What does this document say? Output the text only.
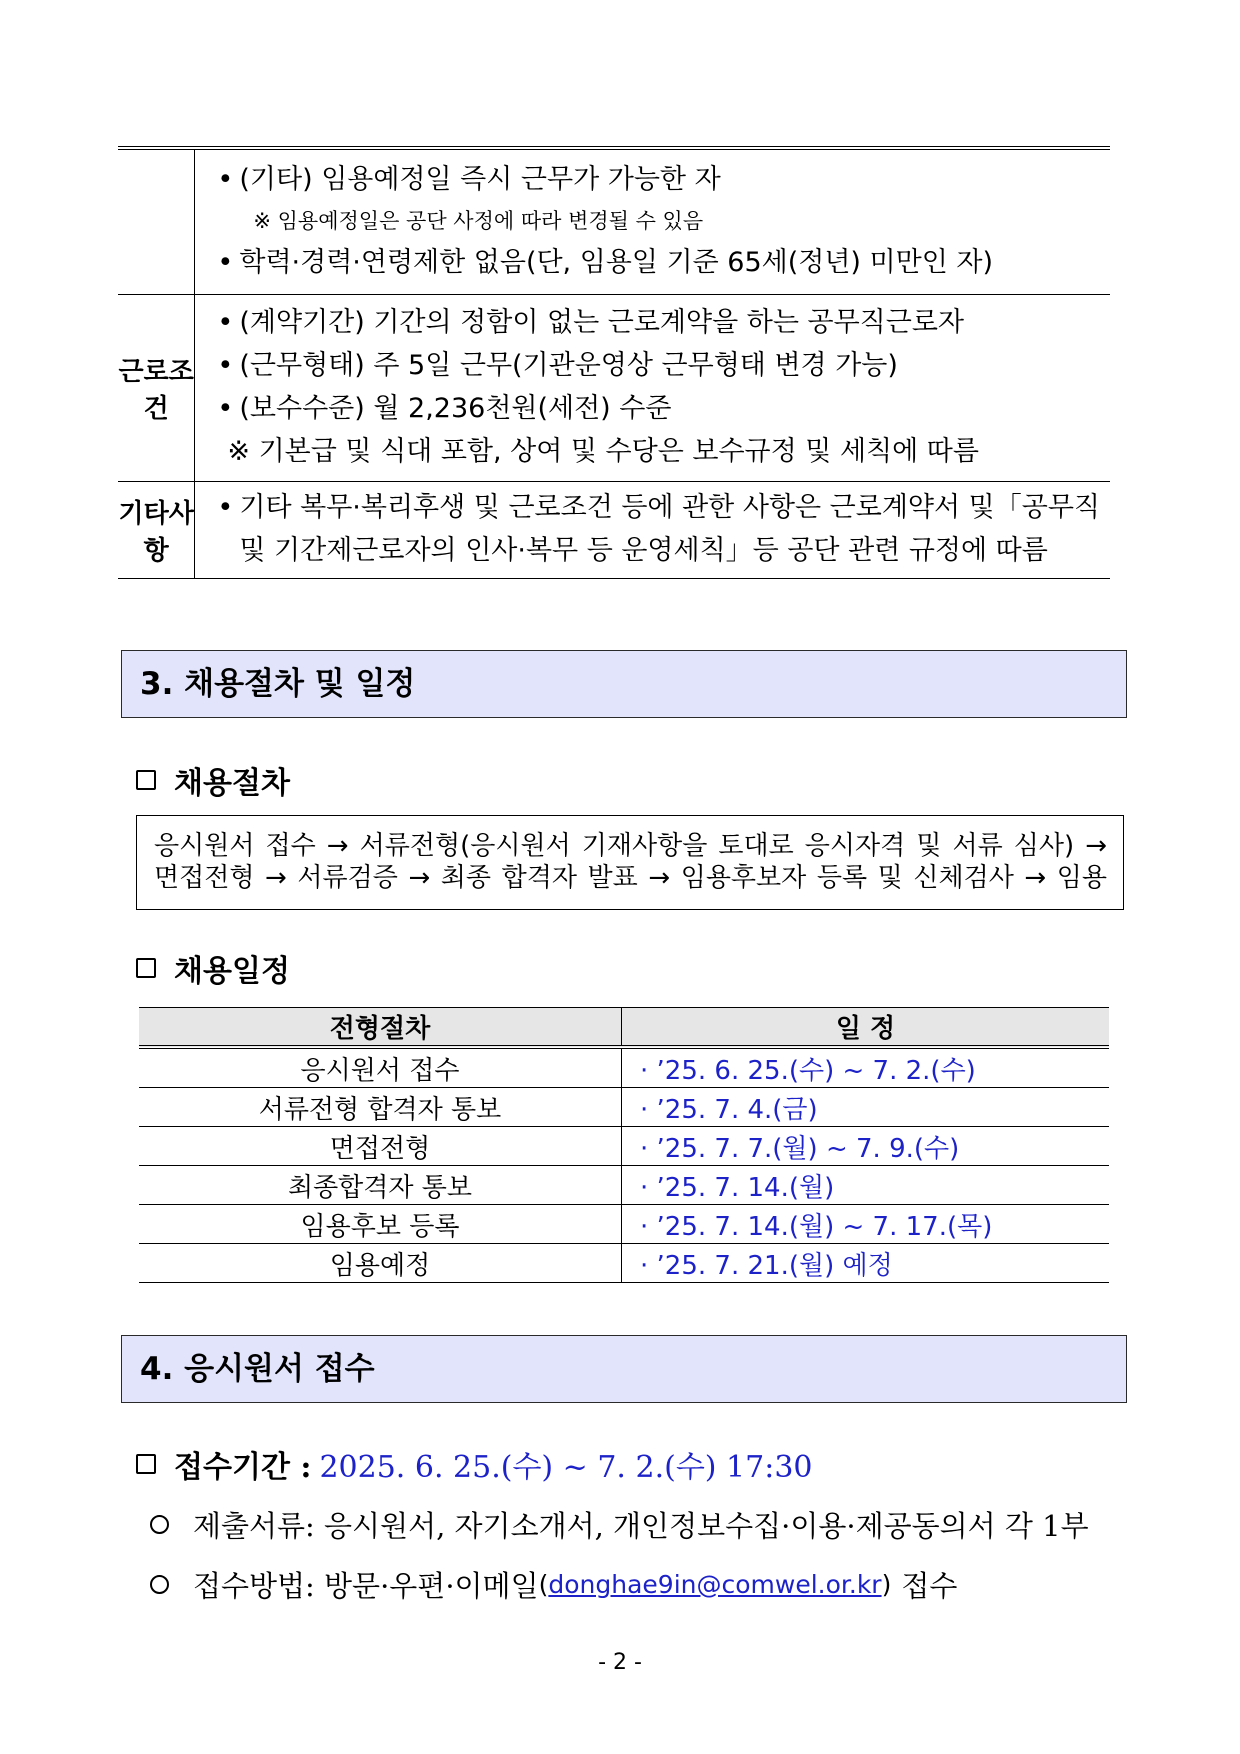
	• (기타) 임용예정일 즉시 근무가 가능한 자
※ 임용예정일은 공단 사정에 따라 변경될 수 있음
• 학력·경력·연령제한 없음(단, 임용일 기준 65세(정년) 미만인 자)

근로조건	• (계약기간) 기간의 정함이 없는 근로계약을 하는 공무직근로자
• (근무형태) 주 5일 근무(기관운영상 근무형태 변경 가능)
• (보수수준) 월 2,236천원(세전) 수준
※ 기본급 및 식대 포함, 상여 및 수당은 보수규정 및 세칙에 따름

기타사항	• 기타 복무·복리후생 및 근로조건 등에 관한 사항은 근로계약서 및「공무직
및 기간제근로자의 인사·복무 등 운영세칙」등 공단 관련 규정에 따름
3. 채용절차 및 일정
채용절차
응시원서 접수 → 서류전형(응시원서 기재사항을 토대로 응시자격 및 서류 심사) →
면접전형 → 서류검증 → 최종 합격자 발표 → 임용후보자 등록 및 신체검사 → 임용
채용일정
전형절차	일 정
응시원서 접수	· ’25. 6. 25.(수) ~ 7. 2.(수)
서류전형 합격자 통보	· ’25. 7. 4.(금)
면접전형	· ’25. 7. 7.(월) ~ 7. 9.(수)
최종합격자 통보	· ’25. 7. 14.(월)
임용후보 등록	· ’25. 7. 14.(월) ~ 7. 17.(목)
임용예정	· ’25. 7. 21.(월) 예정
4. 응시원서 접수
접수기간 : 2025. 6. 25.(수) ~ 7. 2.(수) 17:30
제출서류: 응시원서, 자기소개서, 개인정보수집·이용·제공동의서 각 1부
접수방법: 방문·우편·이메일 ( donghae9in@comwel.or.kr ) 접수
- 2 -
